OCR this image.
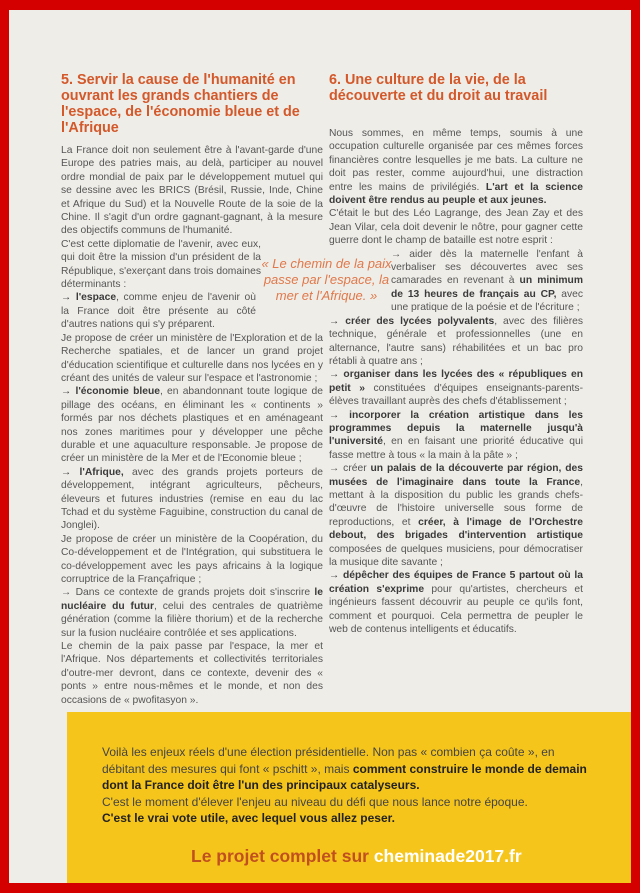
5. Servir la cause de l'humanité en ouvrant les grands chantiers de l'espace, de l'économie bleue et de l'Afrique

La France doit non seulement être à l'avant-garde d'une Europe des patries mais, au delà, participer au nouvel ordre mondial de paix par le développement mutuel qui se dessine avec les BRICS (Brésil, Russie, Inde, Chine et Afrique du Sud) et la Nouvelle Route de la soie de la Chine. Il s'agit d'un ordre gagnant-gagnant, à la mesure des objectifs communs de l'humanité.

C'est cette diplomatie de l'avenir, avec eux, qui doit être la mission d'un président de la République, s'exerçant dans trois domaines déterminants :

→ l'espace, comme enjeu de l'avenir où la France doit être présente au côté d'autres nations qui s'y préparent.

Je propose de créer un ministère de l'Exploration et de la Recherche spatiales, et de lancer un grand projet d'éducation scientifique et culturelle dans nos lycées en y créant des unités de valeur sur l'espace et l'astronomie ;

→ l'économie bleue, en abandonnant toute logique de pillage des océans, en éliminant les « continents » formés par nos déchets plastiques et en aménageant nos zones maritimes pour y développer une pêche durable et une aquaculture responsable. Je propose de créer un ministère de la Mer et de l'Economie bleue ;

→ l'Afrique, avec des grands projets porteurs de développement, intégrant agriculteurs, pêcheurs, éleveurs et futures industries (remise en eau du lac Tchad et du système Faguibine, construction du canal de Jonglei).

Je propose de créer un ministère de la Coopération, du Co-développement et de l'Intégration, qui substituera le co-développement avec les pays africains à la logique corruptrice de la Françafrique ;

→ Dans ce contexte de grands projets doit s'inscrire le nucléaire du futur, celui des centrales de quatrième génération (comme la filière thorium) et de la recherche sur la fusion nucléaire contrôlée et ses applications.

Le chemin de la paix passe par l'espace, la mer et l'Afrique. Nos départements et collectivités territoriales d'outre-mer devront, dans ce contexte, devenir des « ponts » entre nous-mêmes et le monde, et non des occasions de « pwofitasyon ».

« Le chemin de la paix passe par l'espace, la mer et l'Afrique. »
6. Une culture de la vie, de la découverte et du droit au travail

Nous sommes, en même temps, soumis à une occupation culturelle organisée par ces mêmes forces financières contre lesquelles je me bats. La culture ne doit pas rester, comme aujourd'hui, une distraction entre les mains de privilégiés. L'art et la science doivent être rendus au peuple et aux jeunes.

C'était le but des Léo Lagrange, des Jean Zay et des Jean Vilar, cela doit devenir le nôtre, pour gagner cette guerre dont le champ de bataille est notre esprit :

→ aider dès la maternelle l'enfant à verbaliser ses découvertes avec ses camarades en revenant à un minimum de 13 heures de français au CP, avec une pratique de la poésie et de l'écriture ;

→ créer des lycées polyvalents, avec des filières technique, générale et professionnelles (une en alternance, l'autre sans) réhabilitées et un bac pro rétabli à quatre ans ;

→ organiser dans les lycées des « républiques en petit » constituées d'équipes enseignants-parents-élèves travaillant auprès des chefs d'établissement ;

→ incorporer la création artistique dans les programmes depuis la maternelle jusqu'à l'université, en en faisant une priorité éducative qui fasse mettre à tous « la main à la pâte » ;

→ créer un palais de la découverte par région, des musées de l'imaginaire dans toute la France, mettant à la disposition du public les grands chefs-d'œuvre de l'histoire universelle sous forme de reproductions, et créer, à l'image de l'Orchestre debout, des brigades d'intervention artistique composées de quelques musiciens, pour démocratiser la musique dite savante ;

→ dépêcher des équipes de France 5 partout où la création s'exprime pour qu'artistes, chercheurs et ingénieurs fassent découvrir au peuple ce qu'ils font, comment et pourquoi. Cela permettra de peupler le web de contenus intelligents et éducatifs.

Voilà les enjeux réels d'une élection présidentielle. Non pas « combien ça coûte », en débitant des mesures qui font « pschitt », mais comment construire le monde de demain dont la France doit être l'un des principaux catalyseurs.
C'est le moment d'élever l'enjeu au niveau du défi que nous lance notre époque.
C'est le vrai vote utile, avec lequel vous allez peser.
Le projet complet sur cheminade2017.fr
